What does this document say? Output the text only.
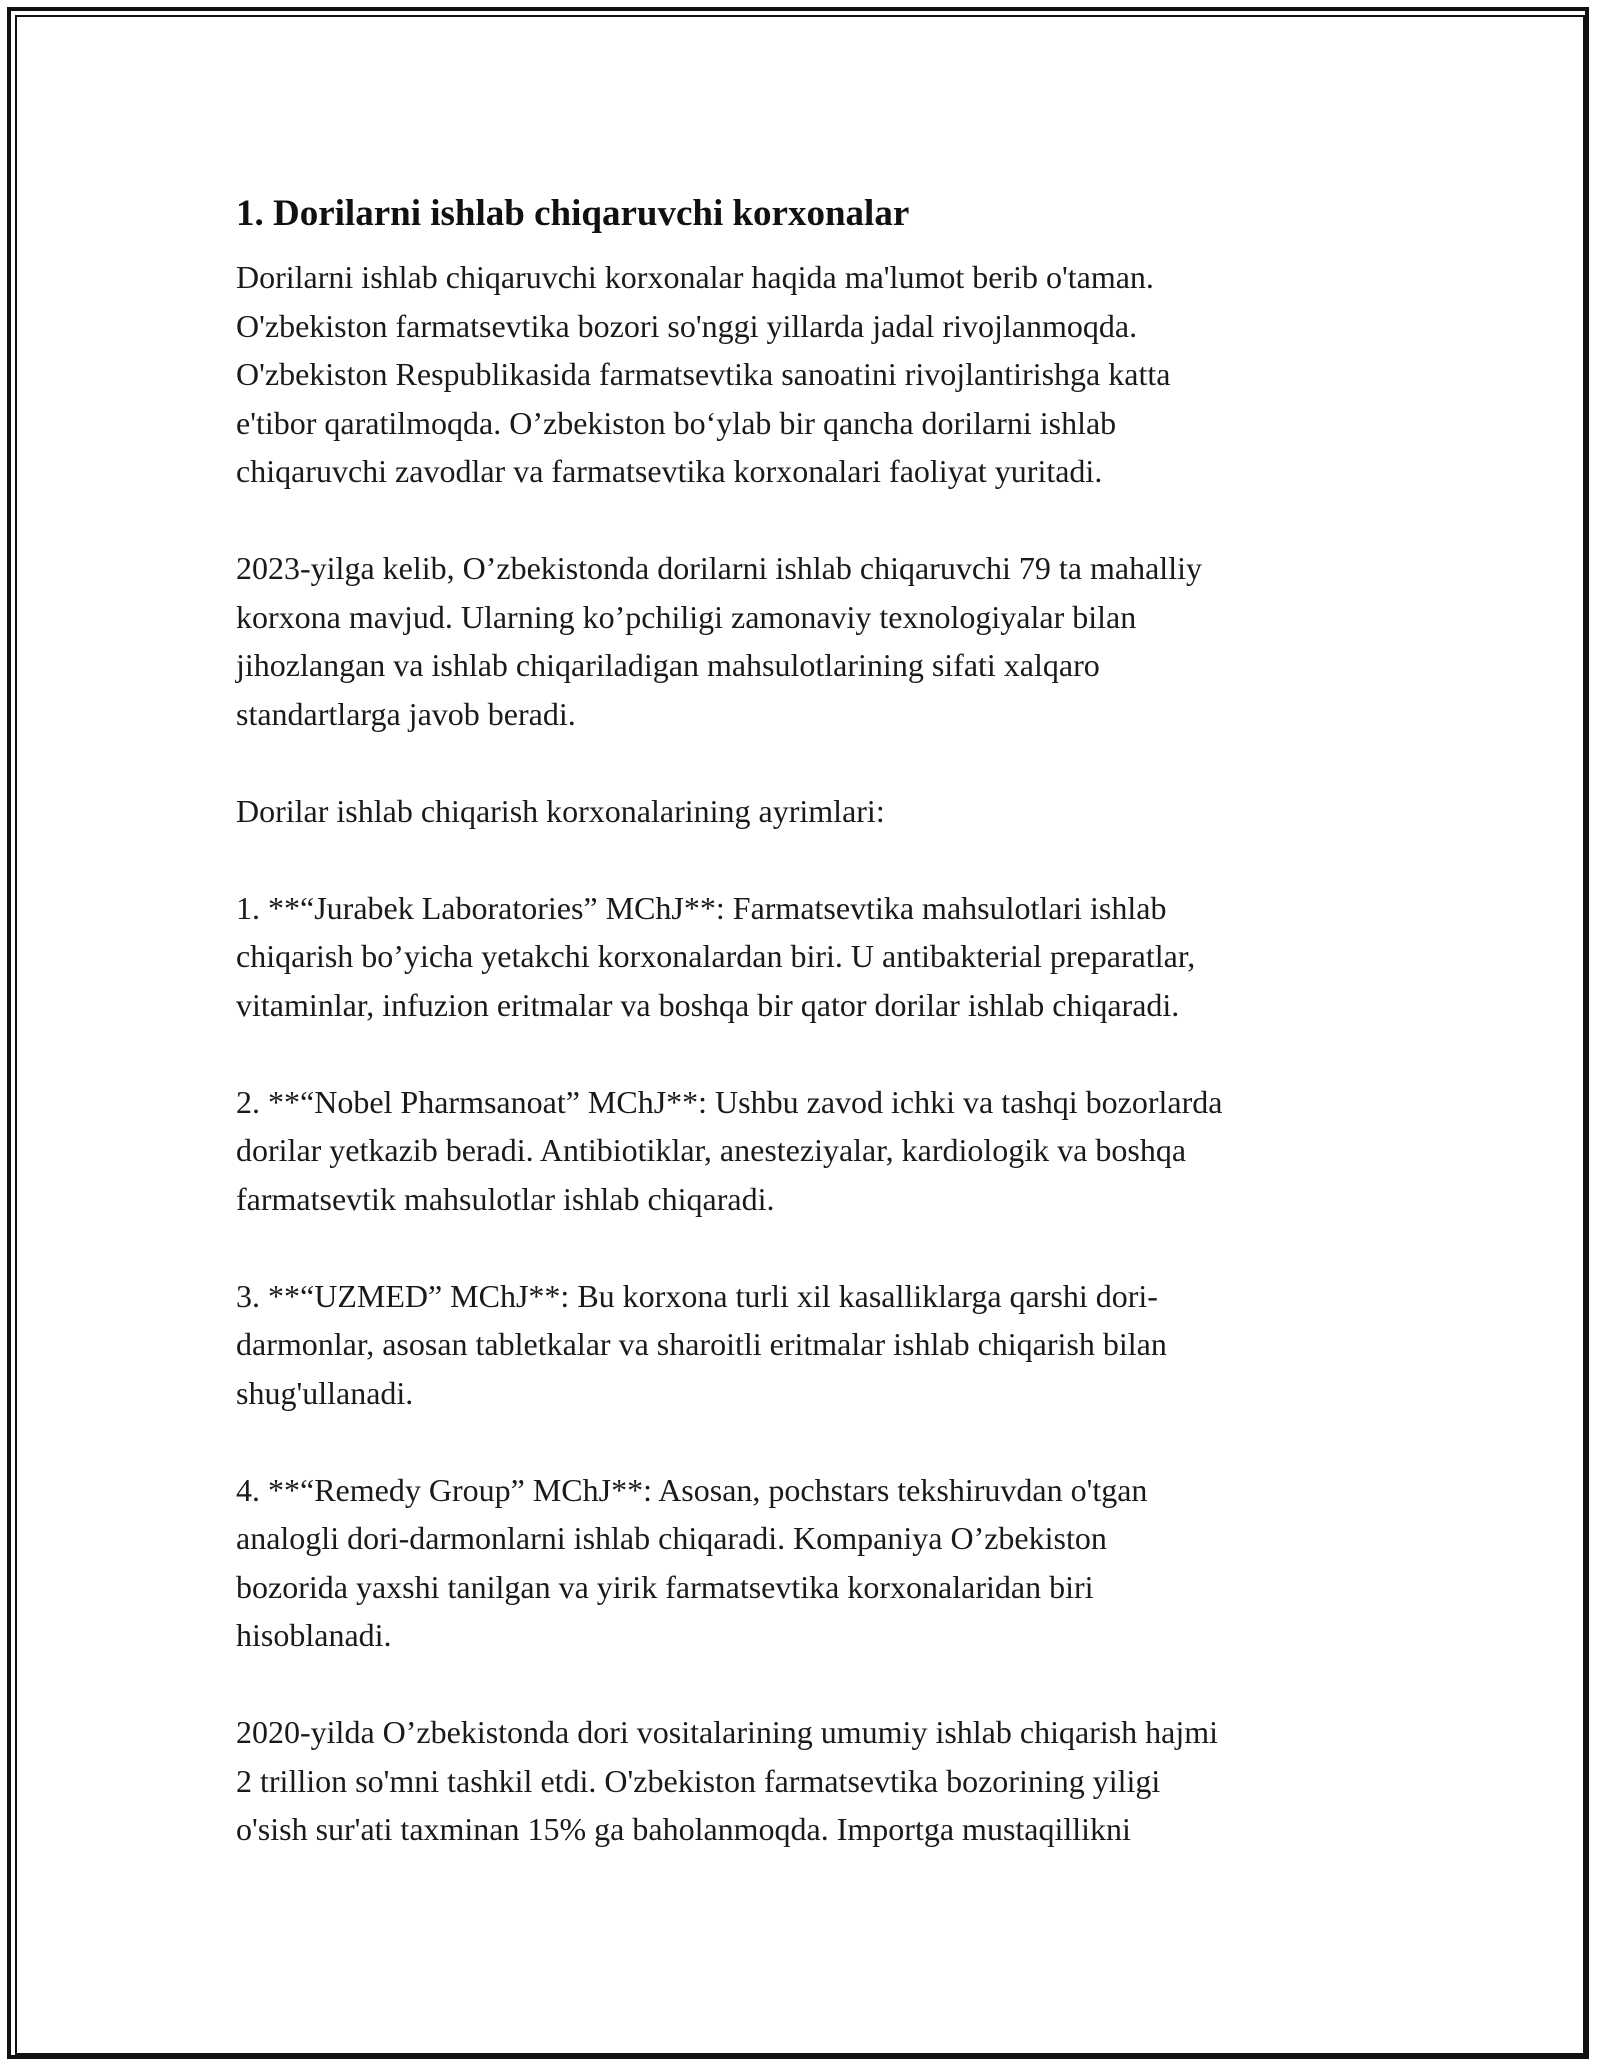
1. Dorilarni ishlab chiqaruvchi korxonalar

Dorilarni ishlab chiqaruvchi korxonalar haqida ma'lumot berib o'taman.
O'zbekiston farmatsevtika bozori so'nggi yillarda jadal rivojlanmoqda.
O'zbekiston Respublikasida farmatsevtika sanoatini rivojlantirishga katta
e'tibor qaratilmoqda. O’zbekiston bo‘ylab bir qancha dorilarni ishlab
chiqaruvchi zavodlar va farmatsevtika korxonalari faoliyat yuritadi.

2023-yilga kelib, O’zbekistonda dorilarni ishlab chiqaruvchi 79 ta mahalliy
korxona mavjud. Ularning ko’pchiligi zamonaviy texnologiyalar bilan
jihozlangan va ishlab chiqariladigan mahsulotlarining sifati xalqaro
standartlarga javob beradi.

Dorilar ishlab chiqarish korxonalarining ayrimlari:

1. **“Jurabek Laboratories” MChJ**: Farmatsevtika mahsulotlari ishlab
chiqarish bo’yicha yetakchi korxonalardan biri. U antibakterial preparatlar,
vitaminlar, infuzion eritmalar va boshqa bir qator dorilar ishlab chiqaradi.

2. **“Nobel Pharmsanoat” MChJ**: Ushbu zavod ichki va tashqi bozorlarda
dorilar yetkazib beradi. Antibiotiklar, anesteziyalar, kardiologik va boshqa
farmatsevtik mahsulotlar ishlab chiqaradi.

3. **“UZMED” MChJ**: Bu korxona turli xil kasalliklarga qarshi dori-
darmonlar, asosan tabletkalar va sharoitli eritmalar ishlab chiqarish bilan
shug'ullanadi.

4. **“Remedy Group” MChJ**: Asosan, pochstars tekshiruvdan o'tgan
analogli dori-darmonlarni ishlab chiqaradi. Kompaniya O’zbekiston
bozorida yaxshi tanilgan va yirik farmatsevtika korxonalaridan biri
hisoblanadi.

2020-yilda O’zbekistonda dori vositalarining umumiy ishlab chiqarish hajmi
2 trillion so'mni tashkil etdi. O'zbekiston farmatsevtika bozorining yiligi
o'sish sur'ati taxminan 15% ga baholanmoqda. Importga mustaqillikni
